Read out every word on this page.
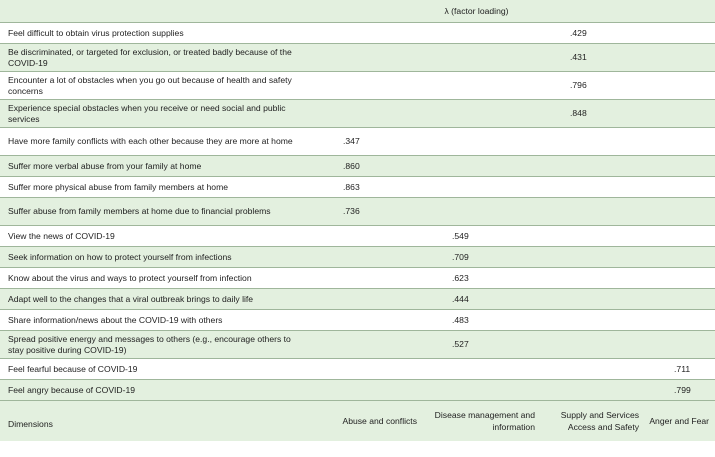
	λ (factor loading)			
Feel difficult to obtain virus protection supplies			.429	
Be discriminated, or targeted for exclusion, or treated badly because of the COVID-19			.431	
Encounter a lot of obstacles when you go out because of health and safety concerns			.796	
Experience special obstacles when you receive or need social and public services			.848	
Have more family conflicts with each other because they are more at home	.347			
Suffer more verbal abuse from your family at home	.860			
Suffer more physical abuse from family members at home	.863			
Suffer abuse from family members at home due to financial problems	.736			
View the news of COVID-19		.549		
Seek information on how to protect yourself from infections		.709		
Know about the virus and ways to protect yourself from infection		.623		
Adapt well to the changes that a viral outbreak brings to daily life		.444		
Share information/news about the COVID-19 with others		.483		
Spread positive energy and messages to others (e.g., encourage others to stay positive during COVID-19)		.527		
Feel fearful because of COVID-19				.711
Feel angry because of COVID-19				.799
Dimensions	Abuse and conflicts	Disease management and information	Supply and Services Access and Safety	Anger and Fear
